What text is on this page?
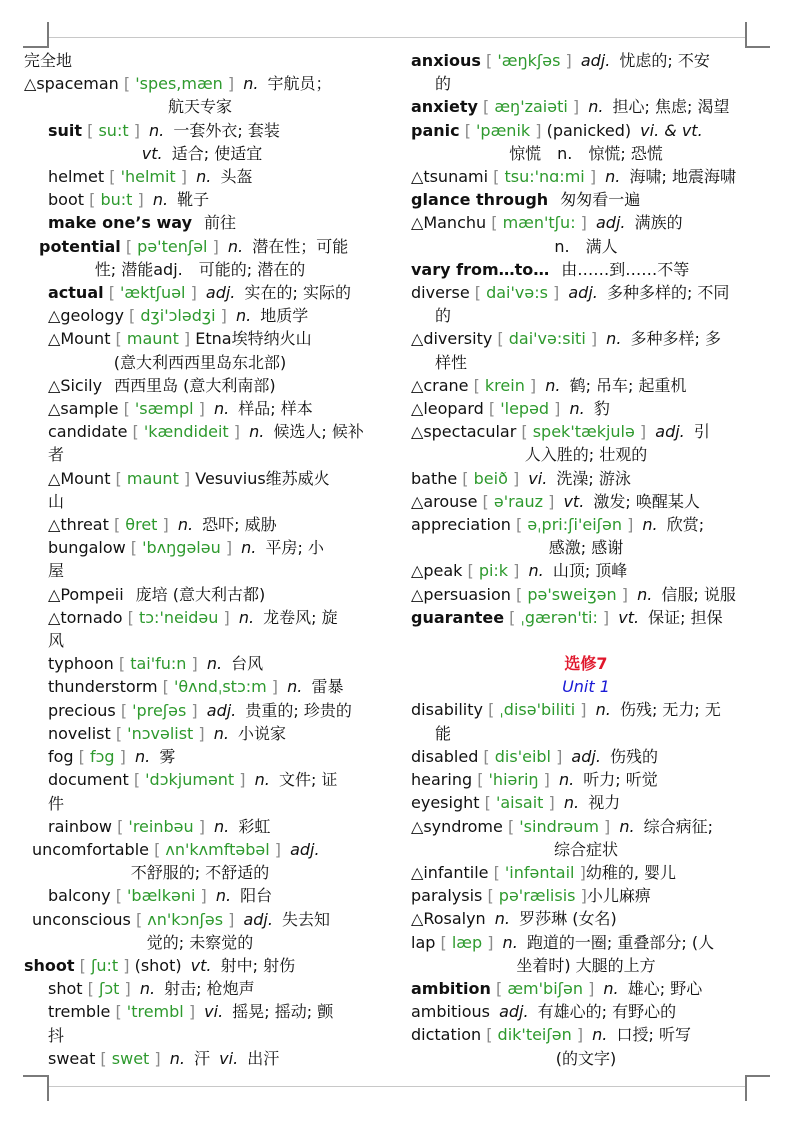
完全地
△spaceman [ 'spes,mæn ] n. 宇航员；
航天专家
suit [ su:t ] n. 一套外衣; 套装
vt. 适合; 使适宜
helmet [ 'helmit ] n. 头盔
boot [ bu:t ] n. 靴子
make one’s way 前往
potential [ pə'tenʃəl ] n. 潜在性；可能
性; 潜能adj.　可能的; 潜在的
actual [ 'æktʃuəl ] adj. 实在的; 实际的
△geology [ dʒi'ɔlədʒi ] n. 地质学
△Mount [ maunt ] Etna埃特纳火山
(意大利西西里岛东北部)
△Sicily 西西里岛 (意大利南部)
△sample [ 'sæmpl ] n. 样品; 样本
candidate [ 'kændideit ] n. 候选人; 候补
者
△Mount [ maunt ] Vesuvius维苏威火
山
△threat [ θret ] n. 恐吓; 威胁
bungalow [ 'bʌŋgələu ] n. 平房; 小
屋
△Pompeii 庞培 (意大利古都)
△tornado [ tɔ:'neidəu ] n. 龙卷风; 旋
风
typhoon [ tai'fu:n ] n. 台风
thunderstorm [ 'θʌndˌstɔ:m ] n. 雷暴
precious [ 'preʃəs ] adj. 贵重的; 珍贵的
novelist [ 'nɔvəlist ] n. 小说家
fog [ fɔg ] n. 雾
document [ 'dɔkjumənt ] n. 文件; 证
件
rainbow [ 'reinbəu ] n. 彩虹
uncomfortable [ ʌn'kʌmftəbəl ] adj.
不舒服的; 不舒适的
balcony [ 'bælkəni ] n. 阳台
unconscious [ ʌn'kɔnʃəs ] adj. 失去知
觉的; 未察觉的
shoot [ ʃu:t ] (shot) vt. 射中; 射伤
shot [ ʃɔt ] n. 射击; 枪炮声
tremble [ 'trembl ] vi. 摇晃; 摇动; 颤
抖
sweat [ swet ] n. 汗 vi. 出汗
anxious [ 'æŋkʃəs ] adj. 忧虑的; 不安
的
anxiety [ æŋ'zaiəti ] n. 担心; 焦虑; 渴望
panic [ 'pænik ] (panicked) vi. & vt.
惊慌　n.　惊慌; 恐慌
△tsunami [ tsu:'nɑ:mi ] n. 海啸; 地震海啸
glance through 匆匆看一遍
△Manchu [ mæn'tʃu: ] adj. 满族的
n.　满人
vary from…to… 由……到……不等
diverse [ dai'və:s ] adj. 多种多样的; 不同
的
△diversity [ dai'və:siti ] n. 多种多样; 多
样性
△crane [ krein ] n. 鹤; 吊车; 起重机
△leopard [ 'lepəd ] n. 豹
△spectacular [ spek'tækjulə ] adj. 引
人入胜的; 壮观的
bathe [ beið ] vi. 洗澡; 游泳
△arouse [ ə'rauz ] vt. 激发; 唤醒某人
appreciation [ əˌpri:ʃi'eiʃən ] n. 欣赏;
感激; 感谢
△peak [ pi:k ] n. 山顶; 顶峰
△persuasion [ pə'sweiʒən ] n. 信服; 说服
guarantee [ ˌgærən'ti: ] vt. 保证; 担保
选修7
Unit 1
disability [ ˌdisə'biliti ] n. 伤残; 无力; 无
能
disabled [ dis'eibl ] adj. 伤残的
hearing [ 'hiəriŋ ] n. 听力; 听觉
eyesight [ 'aisait ] n. 视力
△syndrome [ 'sindrəum ] n. 综合病征;
综合症状
△infantile [ 'infəntail ]幼稚的, 婴儿
paralysis [ pə'rælisis ]小儿麻痹
△Rosalyn n. 罗莎琳 (女名)
lap [ læp ] n. 跑道的一圈; 重叠部分; (人
坐着时) 大腿的上方
ambition [ æm'biʃən ] n. 雄心; 野心
ambitious adj. 有雄心的; 有野心的
dictation [ dik'teiʃən ] n. 口授; 听写
(的文字)
